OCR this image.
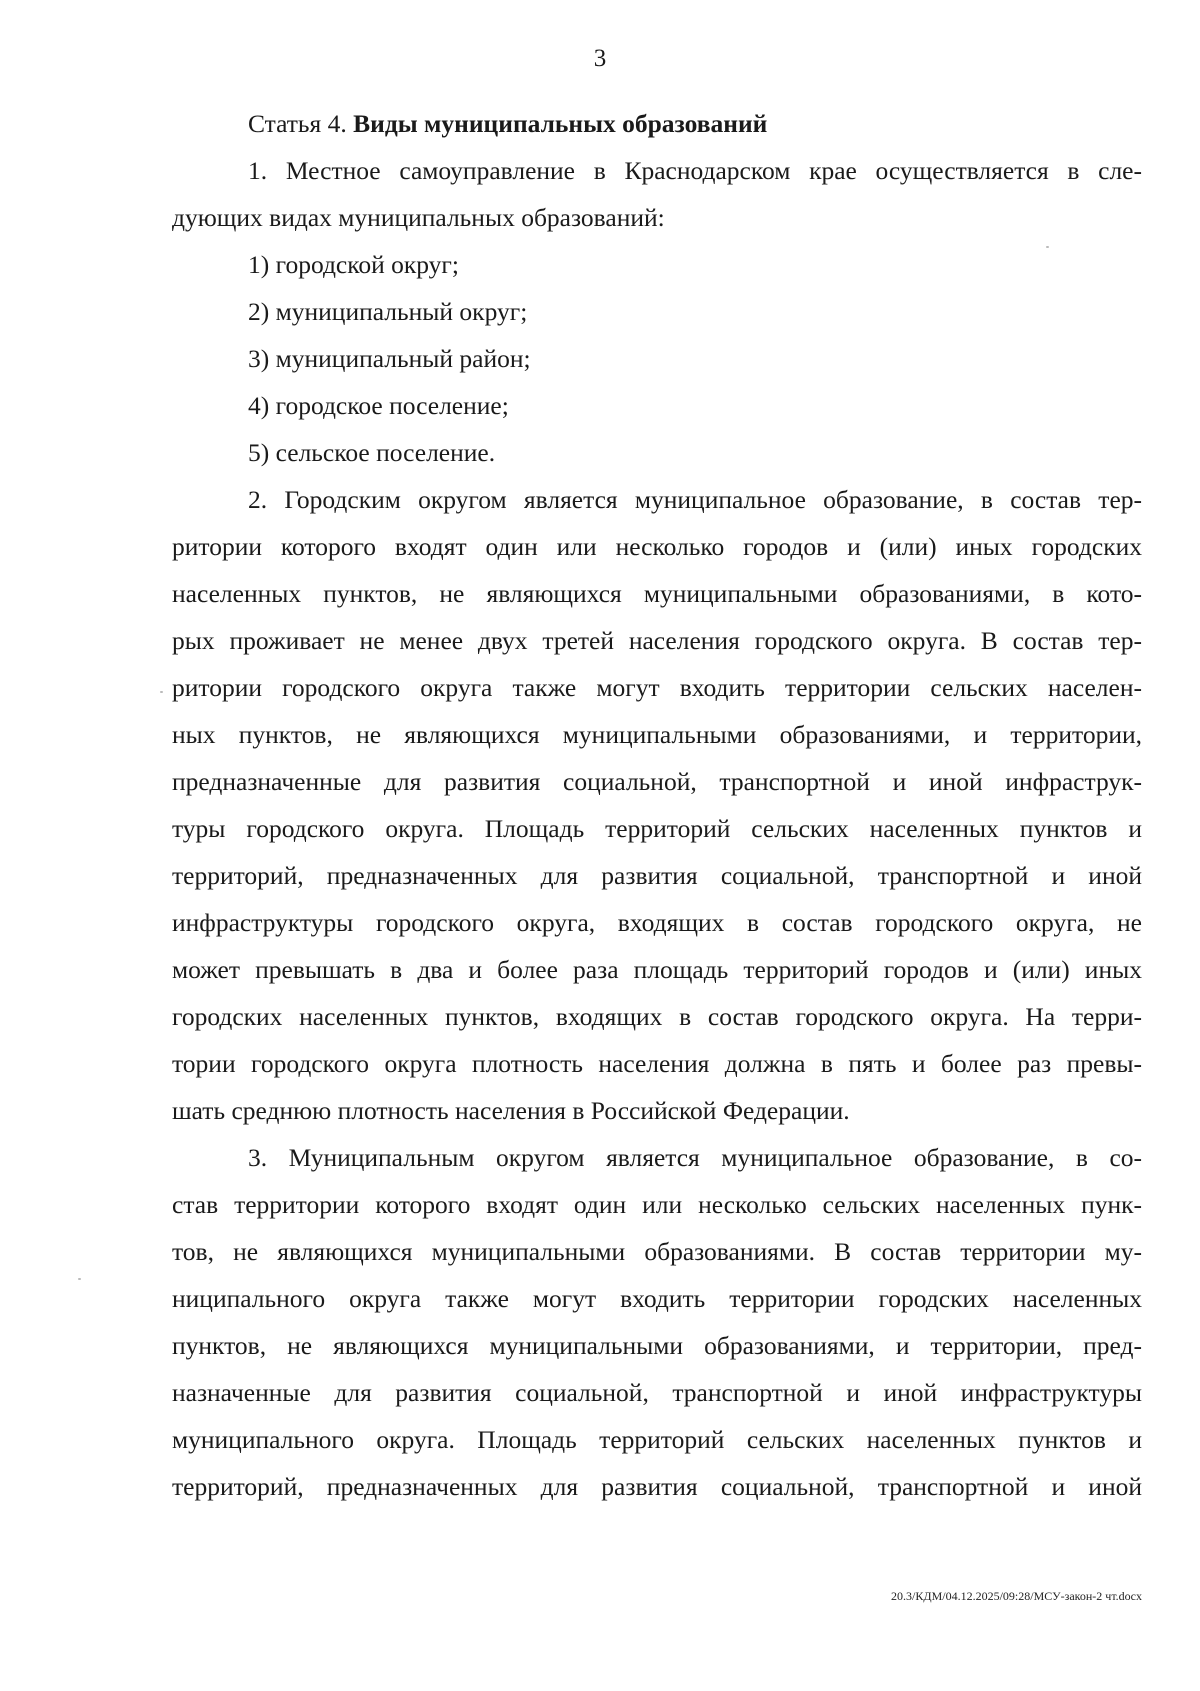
3
Статья 4. Виды муниципальных образований
1. Местное самоуправление в Краснодарском крае осуществляется в сле-
дующих видах муниципальных образований:
1) городской округ;
2) муниципальный округ;
3) муниципальный район;
4) городское поселение;
5) сельское поселение.
2. Городским округом является муниципальное образование, в состав тер-
ритории которого входят один или несколько городов и (или) иных городских
населенных пунктов, не являющихся муниципальными образованиями, в кото-
рых проживает не менее двух третей населения городского округа. В состав тер-
ритории городского округа также могут входить территории сельских населен-
ных пунктов, не являющихся муниципальными образованиями, и территории,
предназначенные для развития социальной, транспортной и иной инфраструк-
туры городского округа. Площадь территорий сельских населенных пунктов и
территорий, предназначенных для развития социальной, транспортной и иной
инфраструктуры городского округа, входящих в состав городского округа, не
может превышать в два и более раза площадь территорий городов и (или) иных
городских населенных пунктов, входящих в состав городского округа. На терри-
тории городского округа плотность населения должна в пять и более раз превы-
шать среднюю плотность населения в Российской Федерации.
3. Муниципальным округом является муниципальное образование, в со-
став территории которого входят один или несколько сельских населенных пунк-
тов, не являющихся муниципальными образованиями. В состав территории му-
ниципального округа также могут входить территории городских населенных
пунктов, не являющихся муниципальными образованиями, и территории, пред-
назначенные для развития социальной, транспортной и иной инфраструктуры
муниципального округа. Площадь территорий сельских населенных пунктов и
территорий, предназначенных для развития социальной, транспортной и иной
20.3/КДМ/04.12.2025/09:28/МСУ-закон-2 чт.docx
